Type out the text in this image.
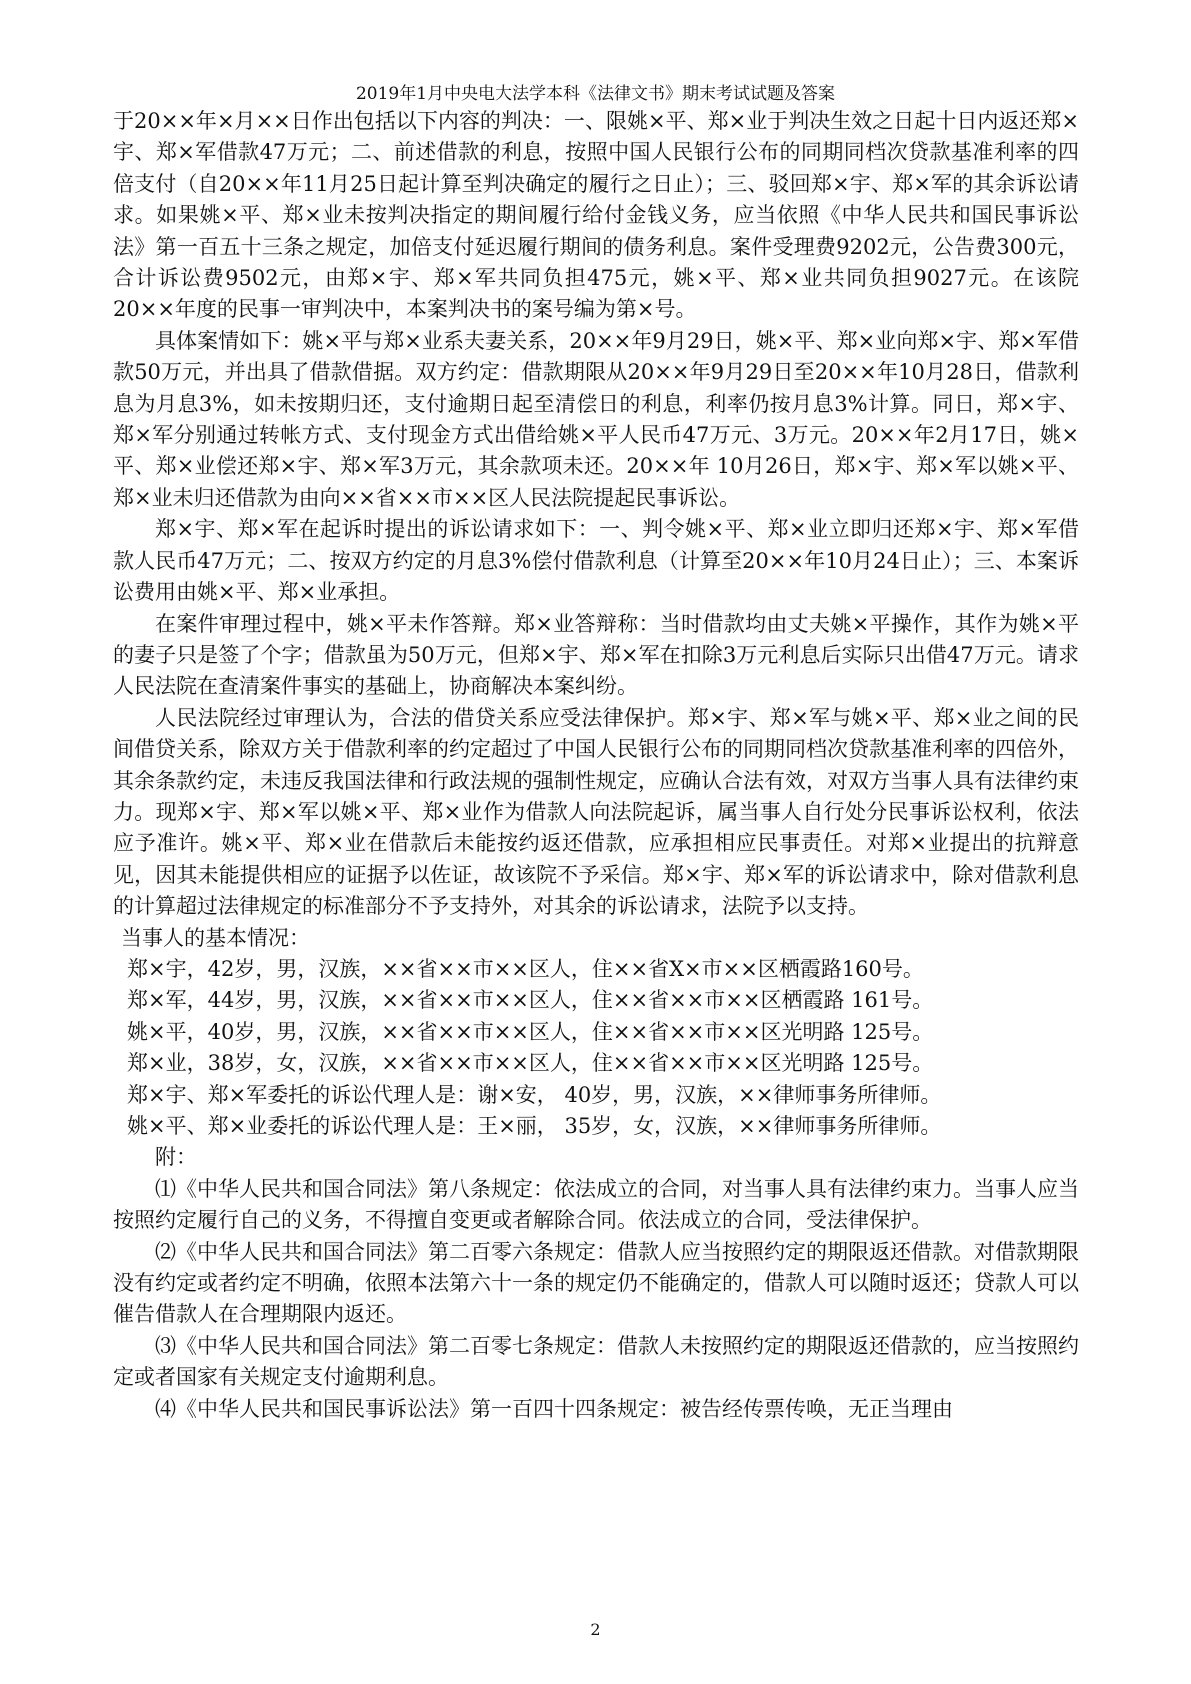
2019年1月中央电大法学本科《法律文书》期末考试试题及答案

于20××年×月××日作出包括以下内容的判决：一、限姚×平、郑×业于判决生效之日起十日内返还郑×宇、郑×军借款47万元；二、前述借款的利息，按照中国人民银行公布的同期同档次贷款基准利率的四倍支付（自20××年11月25日起计算至判决确定的履行之日止）；三、驳回郑×宇、郑×军的其余诉讼请求。如果姚×平、郑×业未按判决指定的期间履行给付金钱义务，应当依照《中华人民共和国民事诉讼法》第一百五十三条之规定，加倍支付延迟履行期间的债务利息。案件受理费9202元，公告费300元，合计诉讼费9502元，由郑×宇、郑×军共同负担475元，姚×平、郑×业共同负担9027元。在该院20××年度的民事一审判决中，本案判决书的案号编为第×号。

具体案情如下：姚×平与郑×业系夫妻关系，20××年9月29日，姚×平、郑×业向郑×宇、郑×军借款50万元，并出具了借款借据。双方约定：借款期限从20××年9月29日至20××年10月28日，借款利息为月息3%，如未按期归还，支付逾期日起至清偿日的利息，利率仍按月息3%计算。同日，郑×宇、郑×军分别通过转帐方式、支付现金方式出借给姚×平人民币47万元、3万元。20××年2月17日，姚×平、郑×业偿还郑×宇、郑×军3万元，其余款项未还。20××年 10月26日，郑×宇、郑×军以姚×平、郑×业未归还借款为由向××省××市××区人民法院提起民事诉讼。

郑×宇、郑×军在起诉时提出的诉讼请求如下：一、判令姚×平、郑×业立即归还郑×宇、郑×军借款人民币47万元；二、按双方约定的月息3%偿付借款利息（计算至20××年10月24日止）；三、本案诉讼费用由姚×平、郑×业承担。

在案件审理过程中，姚×平未作答辩。郑×业答辩称：当时借款均由丈夫姚×平操作，其作为姚×平的妻子只是签了个字；借款虽为50万元，但郑×宇、郑×军在扣除3万元利息后实际只出借47万元。请求人民法院在查清案件事实的基础上，协商解决本案纠纷。

人民法院经过审理认为，合法的借贷关系应受法律保护。郑×宇、郑×军与姚×平、郑×业之间的民间借贷关系，除双方关于借款利率的约定超过了中国人民银行公布的同期同档次贷款基准利率的四倍外，其余条款约定，未违反我国法律和行政法规的强制性规定，应确认合法有效，对双方当事人具有法律约束力。现郑×宇、郑×军以姚×平、郑×业作为借款人向法院起诉，属当事人自行处分民事诉讼权利，依法应予准许。姚×平、郑×业在借款后未能按约返还借款，应承担相应民事责任。对郑×业提出的抗辩意见，因其未能提供相应的证据予以佐证，故该院不予采信。郑×宇、郑×军的诉讼请求中，除对借款利息的计算超过法律规定的标准部分不予支持外，对其余的诉讼请求，法院予以支持。

当事人的基本情况：

郑×宇，42岁，男，汉族，××省××市××区人，住××省X×市××区栖霞路160号。

郑×军，44岁，男，汉族，××省××市××区人，住××省××市××区栖霞路 161号。

姚×平，40岁，男，汉族，××省××市××区人，住××省××市××区光明路 125号。

郑×业，38岁，女，汉族，××省××市××区人，住××省××市××区光明路 125号。

郑×宇、郑×军委托的诉讼代理人是：谢×安， 40岁，男，汉族，××律师事务所律师。

姚×平、郑×业委托的诉讼代理人是：王×丽， 35岁，女，汉族，××律师事务所律师。

附：

⑴《中华人民共和国合同法》第八条规定：依法成立的合同，对当事人具有法律约束力。当事人应当按照约定履行自己的义务，不得擅自变更或者解除合同。依法成立的合同，受法律保护。

⑵《中华人民共和国合同法》第二百零六条规定：借款人应当按照约定的期限返还借款。对借款期限没有约定或者约定不明确，依照本法第六十一条的规定仍不能确定的，借款人可以随时返还；贷款人可以催告借款人在合理期限内返还。

⑶《中华人民共和国合同法》第二百零七条规定：借款人未按照约定的期限返还借款的，应当按照约定或者国家有关规定支付逾期利息。

⑷《中华人民共和国民事诉讼法》第一百四十四条规定：被告经传票传唤，无正当理由

2
